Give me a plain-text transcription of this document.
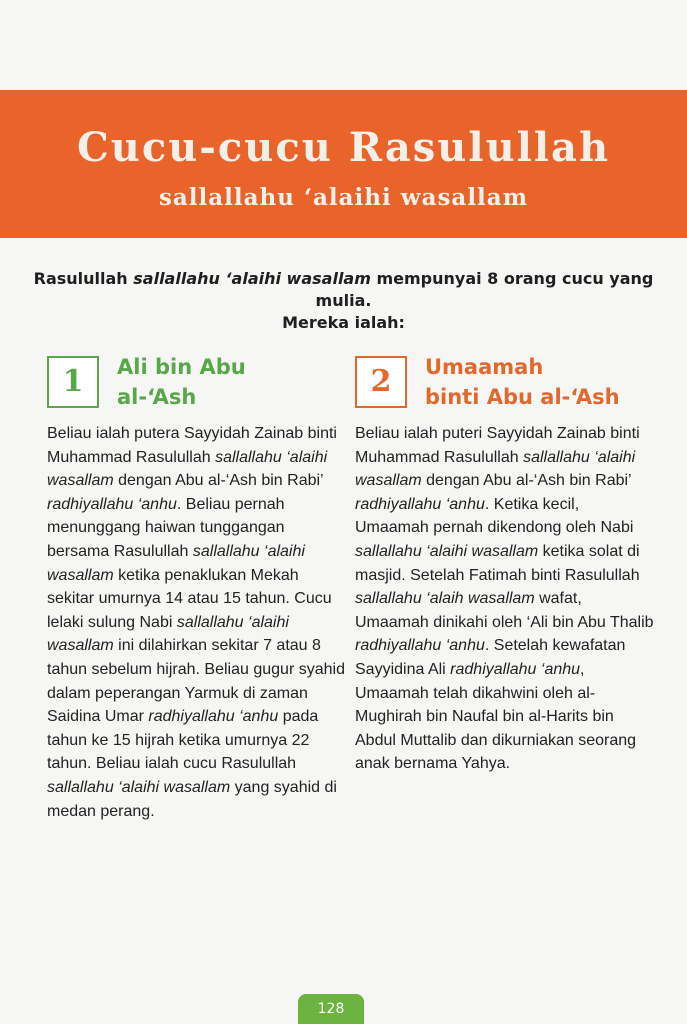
Cucu-cucu Rasulullah
sallallahu ‘alaihi wasallam
Rasulullah sallallahu ‘alaihi wasallam mempunyai 8 orang cucu yang mulia.
Mereka ialah:
1	Ali bin Abu
al-‘Ash
Beliau ialah putera Sayyidah Zainab binti Muhammad Rasulullah sallallahu ‘alaihi wasallam dengan Abu al-‘Ash bin Rabi’ radhiyallahu ‘anhu. Beliau pernah menunggang haiwan tunggangan bersama Rasulullah sallallahu ‘alaihi wasallam ketika penaklukan Mekah sekitar umurnya 14 atau 15 tahun. Cucu lelaki sulung Nabi sallallahu ‘alaihi wasallam ini dilahirkan sekitar 7 atau 8 tahun sebelum hijrah. Beliau gugur syahid dalam peperangan Yarmuk di zaman Saidina Umar radhiyallahu ‘anhu pada tahun ke 15 hijrah ketika umurnya 22 tahun. Beliau ialah cucu Rasulullah sallallahu ‘alaihi wasallam yang syahid di medan perang.
2	Umaamah
binti Abu al-‘Ash
Beliau ialah puteri Sayyidah Zainab binti Muhammad Rasulullah sallallahu ‘alaihi wasallam dengan Abu al-‘Ash bin Rabi’ radhiyallahu ‘anhu. Ketika kecil, Umaamah pernah dikendong oleh Nabi sallallahu ‘alaihi wasallam ketika solat di masjid. Setelah Fatimah binti Rasulullah sallallahu ‘alaih wasallam wafat, Umaamah dinikahi oleh ‘Ali bin Abu Thalib radhiyallahu ‘anhu. Setelah kewafatan Sayyidina Ali radhiyallahu ‘anhu, Umaamah telah dikahwini oleh al-Mughirah bin Naufal bin al-Harits bin Abdul Muttalib dan dikurniakan seorang anak bernama Yahya.
128
